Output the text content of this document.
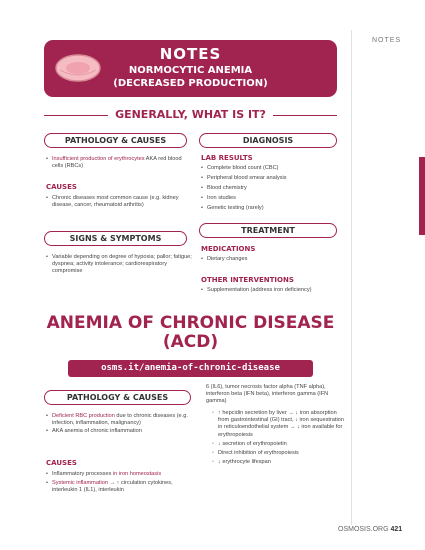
NOTES
NOTES
NORMOCYTIC ANEMIA
(DECREASED PRODUCTION)
GENERALLY, WHAT IS IT?
PATHOLOGY & CAUSES
• Insufficient production of erythrocytes AKA red blood cells (RBCs)
CAUSES
• Chronic diseases most common cause (e.g. kidney disease, cancer, rheumatoid arthritis)
SIGNS & SYMPTOMS
• Variable depending on degree of hypoxia; pallor; fatigue; dyspnea; activity intolerance; cardiorespiratory compromise
DIAGNOSIS
LAB RESULTS
• Complete blood count (CBC)
• Peripheral blood smear analysis
• Blood chemistry
• Iron studies
• Genetic testing (rarely)
TREATMENT
MEDICATIONS
• Dietary changes
OTHER INTERVENTIONS
• Supplementation (address iron deficiency)
ANEMIA OF CHRONIC DISEASE
(ACD)
osms.it/anemia-of-chronic-disease
PATHOLOGY & CAUSES
• Deficient RBC production due to chronic diseases (e.g. infection, inflammation, malignancy)
• AKA anemia of chronic inflammation
CAUSES
• Inflammatory processes in iron homeostasis
• Systemic inflammation → ↑ circulation cytokines, interleukin 1 (IL1), interleukin
6 (IL6), tumor necrosis factor alpha (TNF alpha), interferon beta (IFN beta), interferon gamma (IFN gamma)
◦ ↑ hepcidin secretion by liver → ↓ iron absorption from gastrointestinal (GI) tract, ↓ iron sequestration in reticuloendothelial system → ↓ iron available for erythropoiesis
◦ ↓ secretion of erythropoietin
◦ Direct inhibition of erythropoiesis
◦ ↓ erythrocyte lifespan
OSMOSIS.ORG 421
